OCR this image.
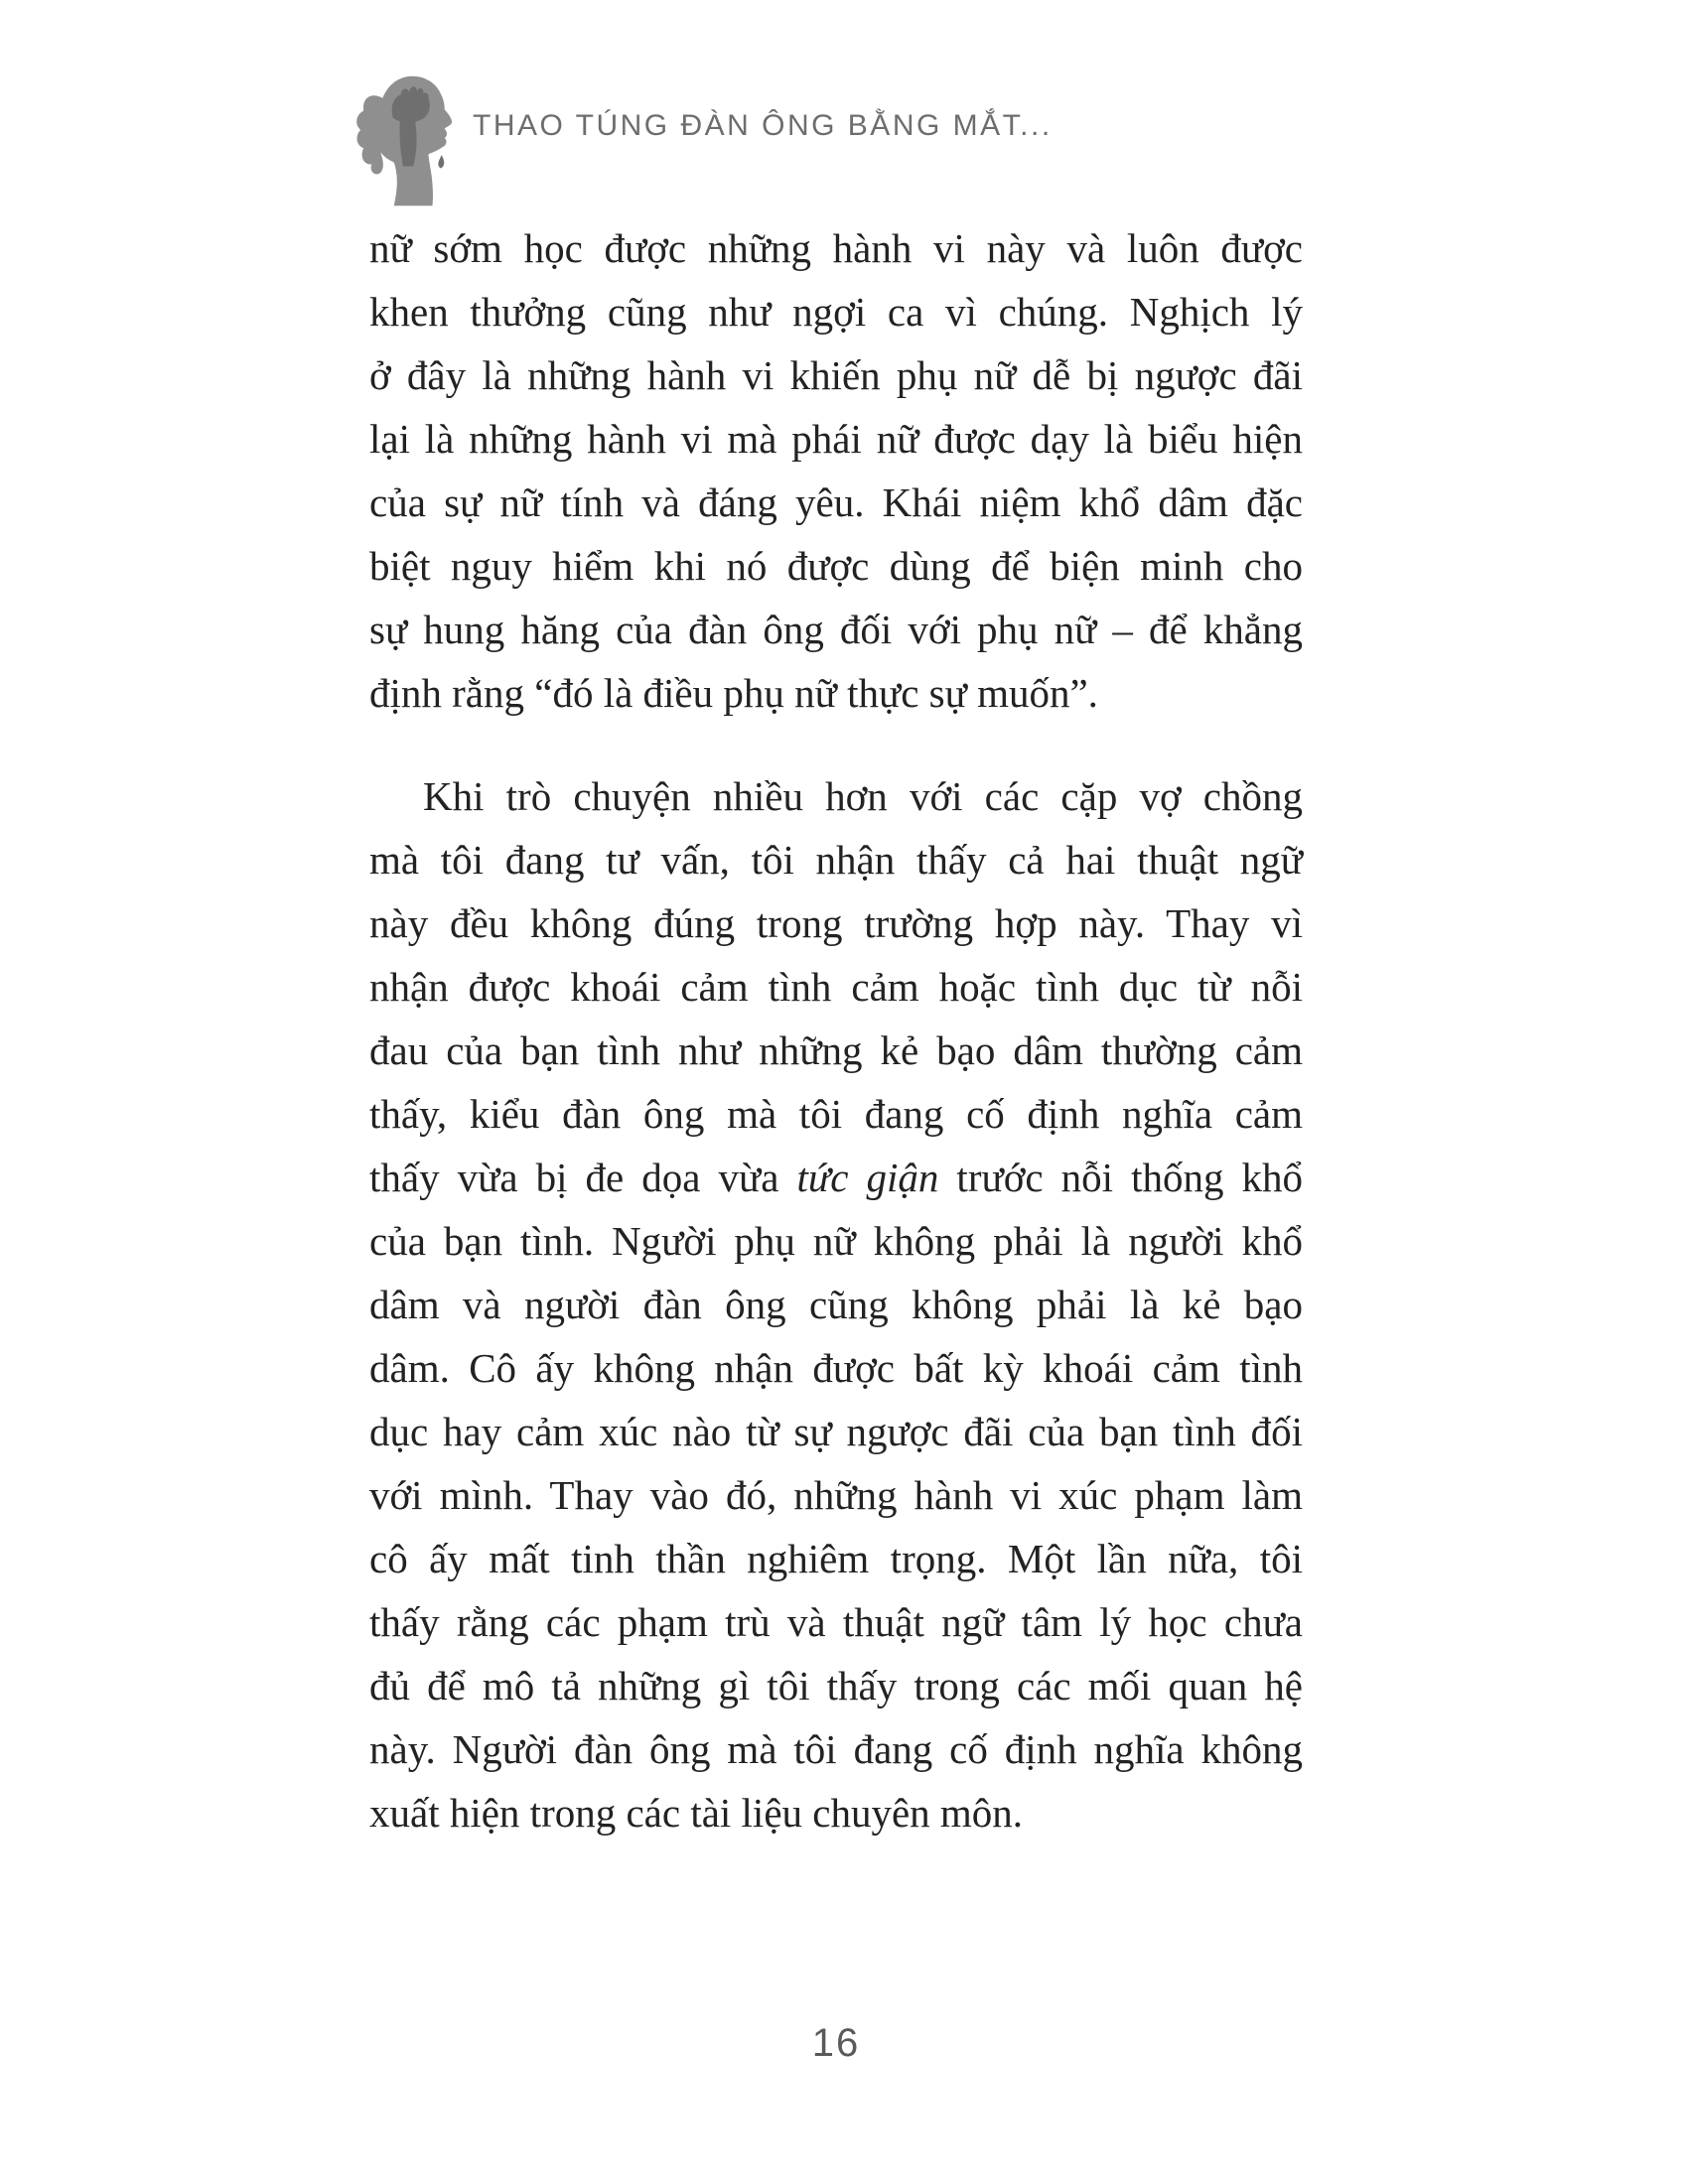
THAO TÚNG ĐÀN ÔNG BẰNG MẮT...
nữ sớm học được những hành vi này và luôn được
khen thưởng cũng như ngợi ca vì chúng. Nghịch lý
ở đây là những hành vi khiến phụ nữ dễ bị ngược đãi
lại là những hành vi mà phái nữ được dạy là biểu hiện
của sự nữ tính và đáng yêu. Khái niệm khổ dâm đặc
biệt nguy hiểm khi nó được dùng để biện minh cho
sự hung hăng của đàn ông đối với phụ nữ – để khẳng
định rằng “đó là điều phụ nữ thực sự muốn”.
Khi trò chuyện nhiều hơn với các cặp vợ chồng
mà tôi đang tư vấn, tôi nhận thấy cả hai thuật ngữ
này đều không đúng trong trường hợp này. Thay vì
nhận được khoái cảm tình cảm hoặc tình dục từ nỗi
đau của bạn tình như những kẻ bạo dâm thường cảm
thấy, kiểu đàn ông mà tôi đang cố định nghĩa cảm
thấy vừa bị đe dọa vừa tức giận trước nỗi thống khổ
của bạn tình. Người phụ nữ không phải là người khổ
dâm và người đàn ông cũng không phải là kẻ bạo
dâm. Cô ấy không nhận được bất kỳ khoái cảm tình
dục hay cảm xúc nào từ sự ngược đãi của bạn tình đối
với mình. Thay vào đó, những hành vi xúc phạm làm
cô ấy mất tinh thần nghiêm trọng. Một lần nữa, tôi
thấy rằng các phạm trù và thuật ngữ tâm lý học chưa
đủ để mô tả những gì tôi thấy trong các mối quan hệ
này. Người đàn ông mà tôi đang cố định nghĩa không
xuất hiện trong các tài liệu chuyên môn.
16
